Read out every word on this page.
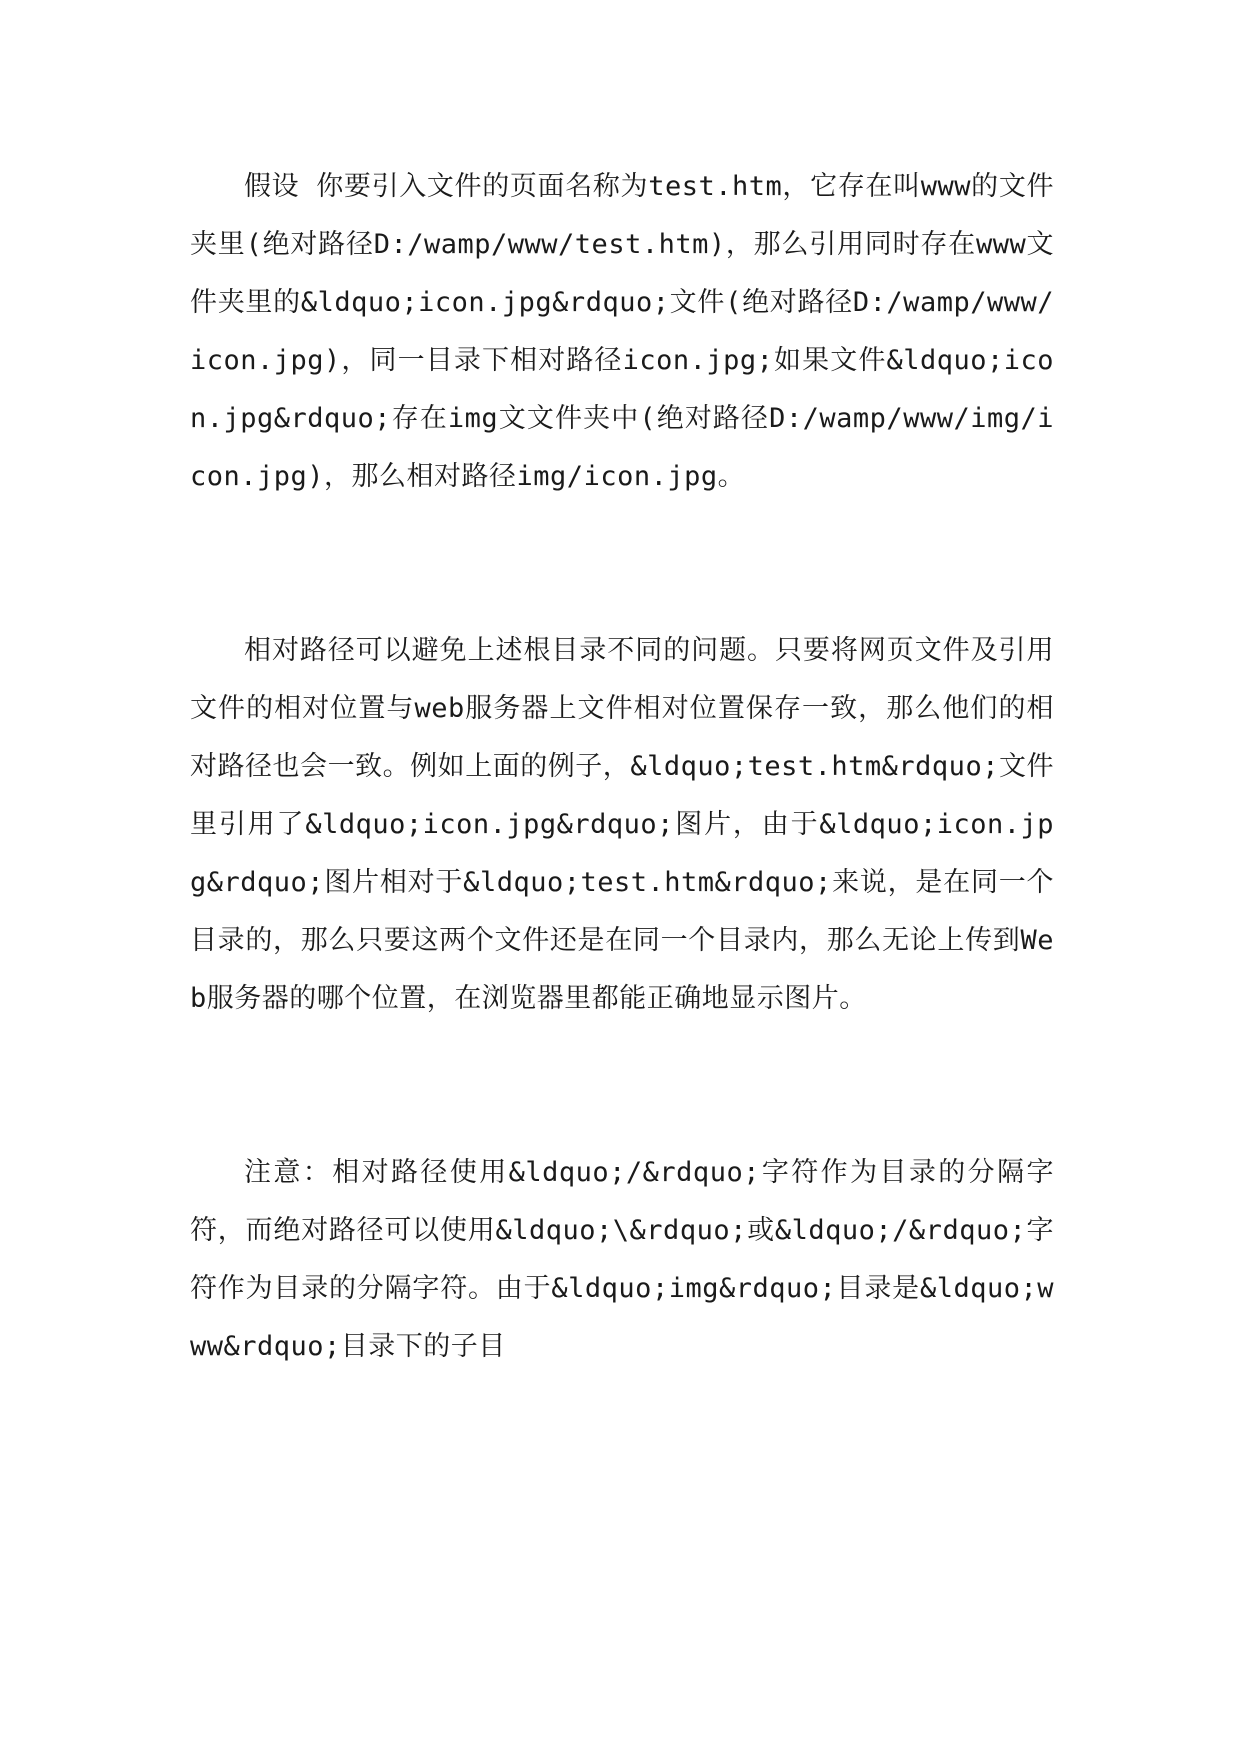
假设 你要引入文件的页面名称为test.htm，它存在叫www的文件夹里(绝对路径D:/wamp/www/test.htm)，那么引用同时存在www文件夹里的&ldquo;icon.jpg&rdquo;文件(绝对路径D:/wamp/www/icon.jpg)，同一目录下相对路径icon.jpg;如果文件&ldquo;icon.jpg&rdquo;存在img文文件夹中(绝对路径D:/wamp/www/img/icon.jpg)，那么相对路径img/icon.jpg。

相对路径可以避免上述根目录不同的问题。只要将网页文件及引用文件的相对位置与web服务器上文件相对位置保存一致，那么他们的相对路径也会一致。例如上面的例子，&ldquo;test.htm&rdquo;文件里引用了&ldquo;icon.jpg&rdquo;图片，由于&ldquo;icon.jpg&rdquo;图片相对于&ldquo;test.htm&rdquo;来说，是在同一个目录的，那么只要这两个文件还是在同一个目录内，那么无论上传到Web服务器的哪个位置，在浏览器里都能正确地显示图片。

注意：相对路径使用&ldquo;/&rdquo;字符作为目录的分隔字符，而绝对路径可以使用&ldquo;\&rdquo;或&ldquo;/&rdquo;字符作为目录的分隔字符。由于&ldquo;img&rdquo;目录是&ldquo;www&rdquo;目录下的子目
